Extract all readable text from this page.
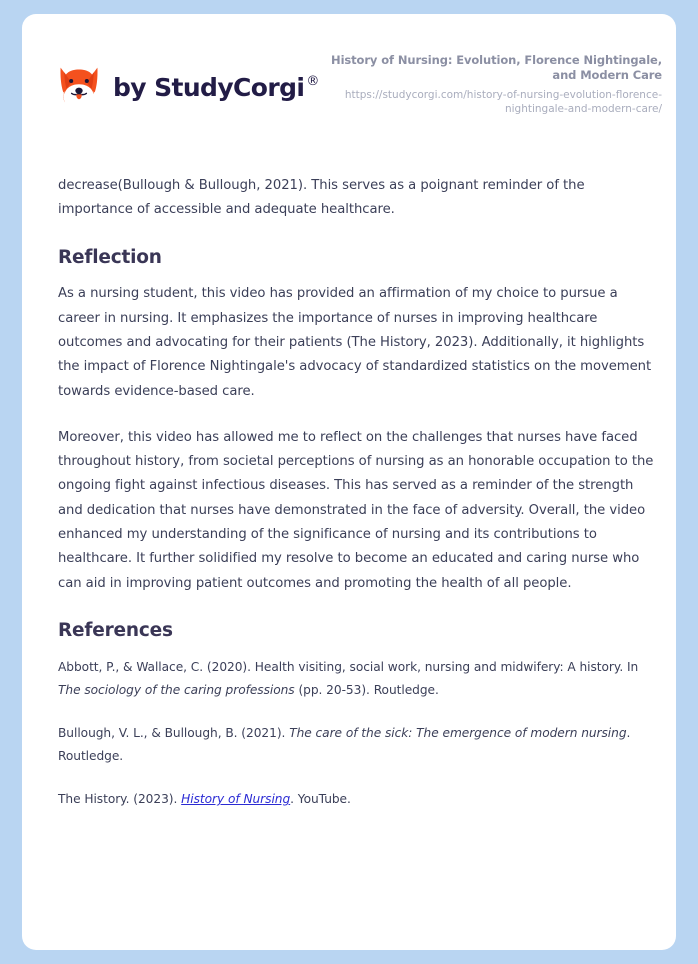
by StudyCorgi ®
History of Nursing: Evolution, Florence Nightingale, and Modern Care
https://studycorgi.com/history-of-nursing-evolution-florence-nightingale-and-modern-care/

decrease(Bullough & Bullough, 2021). This serves as a poignant reminder of the importance of accessible and adequate healthcare.

Reflection

As a nursing student, this video has provided an affirmation of my choice to pursue a career in nursing. It emphasizes the importance of nurses in improving healthcare outcomes and advocating for their patients (The History, 2023). Additionally, it highlights the impact of Florence Nightingale's advocacy of standardized statistics on the movement towards evidence-based care.

Moreover, this video has allowed me to reflect on the challenges that nurses have faced throughout history, from societal perceptions of nursing as an honorable occupation to the ongoing fight against infectious diseases. This has served as a reminder of the strength and dedication that nurses have demonstrated in the face of adversity. Overall, the video enhanced my understanding of the significance of nursing and its contributions to healthcare. It further solidified my resolve to become an educated and caring nurse who can aid in improving patient outcomes and promoting the health of all people.

References

Abbott, P., & Wallace, C. (2020). Health visiting, social work, nursing and midwifery: A history. In The sociology of the caring professions (pp. 20-53). Routledge.

Bullough, V. L., & Bullough, B. (2021). The care of the sick: The emergence of modern nursing. Routledge.

The History. (2023). History of Nursing. YouTube.
